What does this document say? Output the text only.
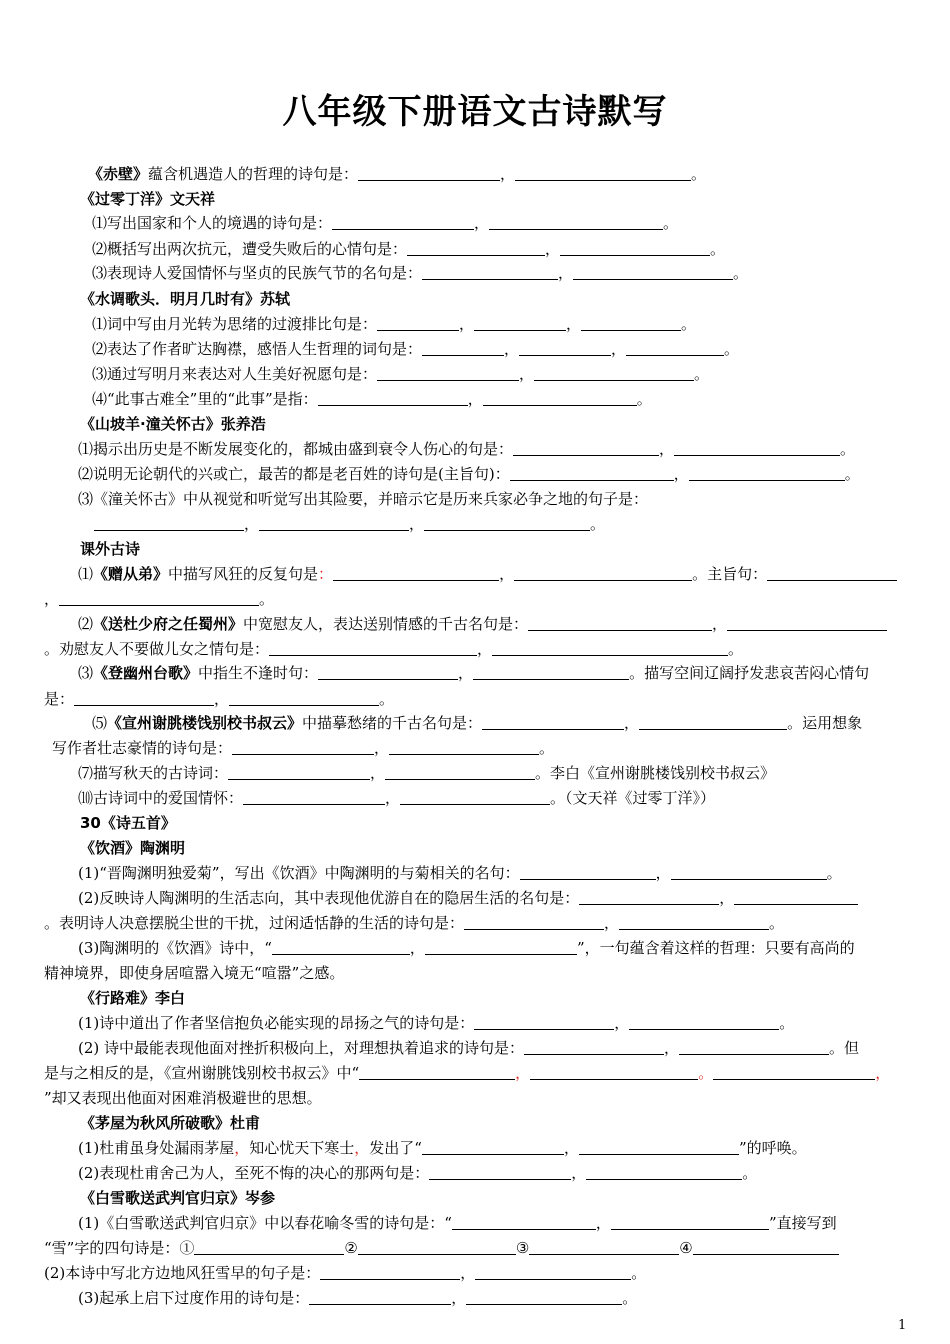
八年级下册语文古诗默写
《赤壁》蕴含机遇造人的哲理的诗句是：	，	。
《过零丁洋》文天祥
⑴写出国家和个人的境遇的诗句是：	，	。
⑵概括写出两次抗元，遭受失败后的心情句是：	，	。
⑶表现诗人爱国情怀与坚贞的民族气节的名句是：	，	。
《水调歌头．明月几时有》苏轼
⑴词中写由月光转为思绪的过渡排比句是：	，	，	。
⑵表达了作者旷达胸襟，感悟人生哲理的词句是：	，	，	。
⑶通过写明月来表达对人生美好祝愿句是：	，	。
⑷“此事古难全”里的“此事”是指：	，	。
《山坡羊·潼关怀古》张养浩
⑴揭示出历史是不断发展变化的，都城由盛到衰令人伤心的句是：	，	。
⑵说明无论朝代的兴或亡，最苦的都是老百姓的诗句是(主旨句)：	，	。
⑶《潼关怀古》中从视觉和听觉写出其险要，并暗示它是历来兵家必争之地的句子是：
，	，	。
课外古诗
⑴《赠从弟》中描写风狂的反复句是：	，	。主旨句：
，	。
⑵《送杜少府之任蜀州》中宽慰友人，表达送别情感的千古名句是：	，
。劝慰友人不要做儿女之情句是：	，	。
⑶《登幽州台歌》中指生不逢时句：	，	。描写空间辽阔抒发悲哀苦闷心情句
是：	，	。
⑸《宣州谢朓楼饯别校书叔云》中描摹愁绪的千古名句是：	，	。运用想象
写作者壮志豪情的诗句是：	，	。
⑺描写秋天的古诗词：	，	。李白《宣州谢朓楼饯别校书叔云》
⑽古诗词中的爱国情怀：	，	。（文天祥《过零丁洋》）
30《诗五首》
《饮酒》陶渊明
(1)“晋陶渊明独爱菊”，写出《饮酒》中陶渊明的与菊相关的名句：	，	。
(2)反映诗人陶渊明的生活志向，其中表现他优游自在的隐居生活的名句是：	，
。表明诗人决意摆脱尘世的干扰，过闲适恬静的生活的诗句是：	，	。
(3)陶渊明的《饮酒》诗中，“	，	”，一句蕴含着这样的哲理：只要有高尚的
精神境界，即使身居喧嚣入境无“喧嚣”之感。
《行路难》李白
(1)诗中道出了作者坚信抱负必能实现的昂扬之气的诗句是：	，	。
(2) 诗中最能表现他面对挫折积极向上，对理想执着追求的诗句是：	，	。但
是与之相反的是，《宣州谢朓饯别校书叔云》中“	，	。	，
”却又表现出他面对困难消极避世的思想。
《茅屋为秋风所破歌》杜甫
(1)杜甫虽身处漏雨茅屋，知心忧天下寒士，发出了“	，	”的呼唤。
(2)表现杜甫舍己为人，至死不悔的决心的那两句是：	，	。
《白雪歌送武判官归京》岑参
(1)《白雪歌送武判官归京》中以春花喻冬雪的诗句是：“	，	”直接写到
“雪”字的四句诗是：①	②	③	④
(2)本诗中写北方边地风狂雪早的句子是：	，	。
(3)起承上启下过度作用的诗句是：	，	。
1
